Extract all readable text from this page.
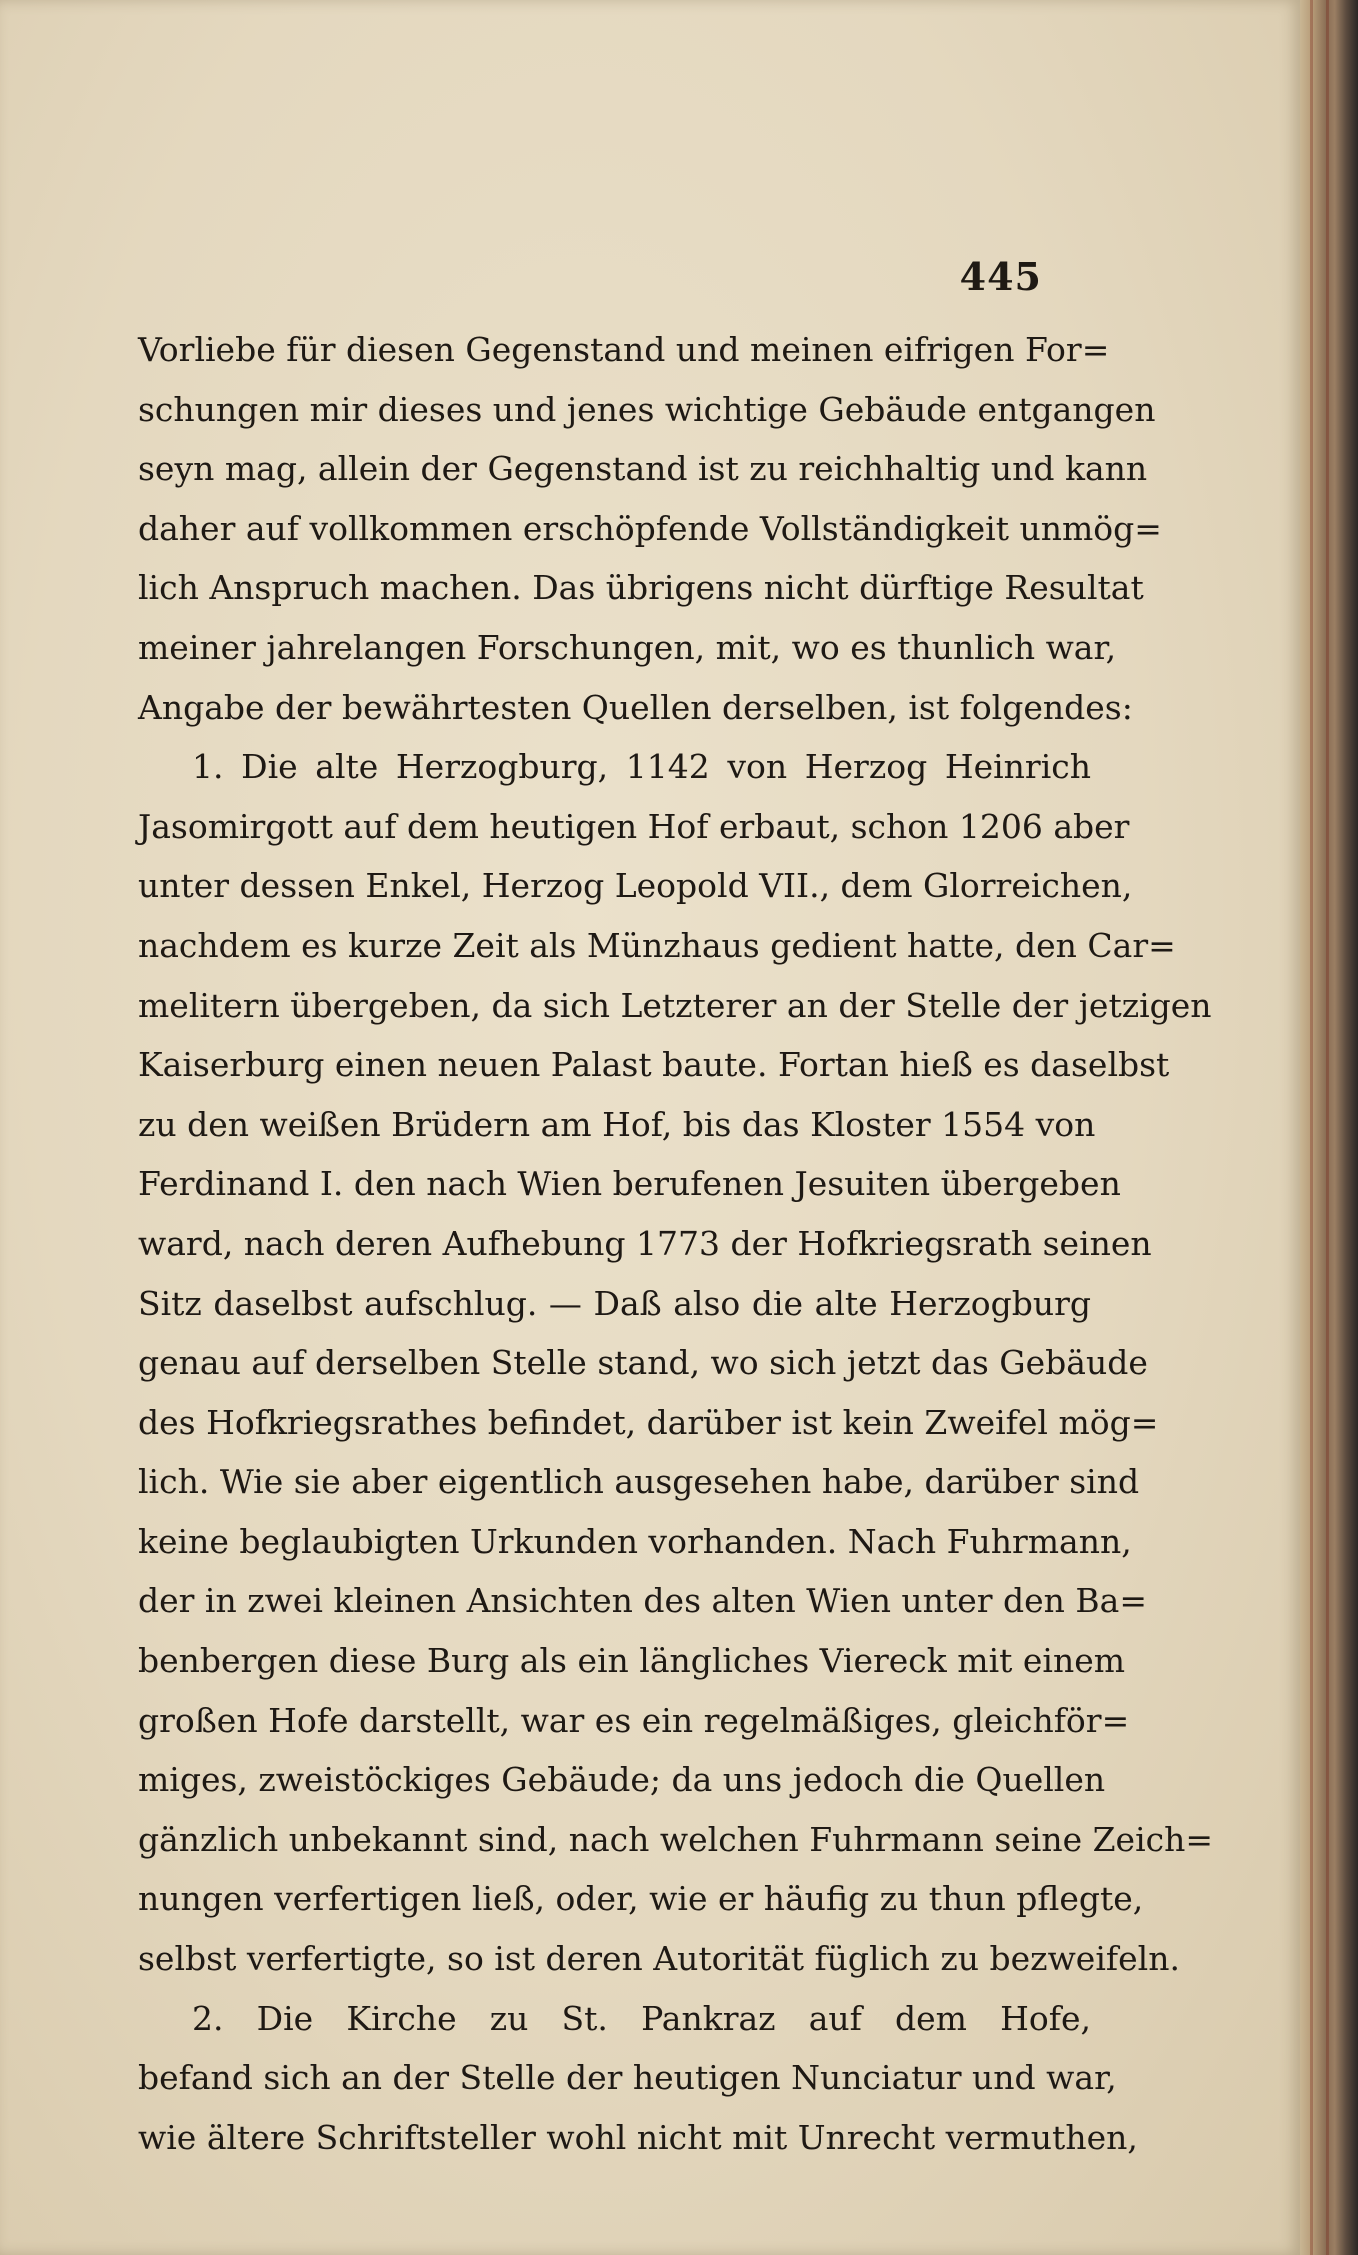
445
Vorliebe für diesen Gegenstand und meinen eifrigen For=
schungen mir dieses und jenes wichtige Gebäude entgangen
seyn mag, allein der Gegenstand ist zu reichhaltig und kann
daher auf vollkommen erschöpfende Vollständigkeit unmög=
lich Anspruch machen. Das übrigens nicht dürftige Resultat
meiner jahrelangen Forschungen, mit, wo es thunlich war,
Angabe der bewährtesten Quellen derselben, ist folgendes:
1. Die alte Herzogburg, 1142 von Herzog Heinrich
Jasomirgott auf dem heutigen Hof erbaut, schon 1206 aber
unter dessen Enkel, Herzog Leopold VII., dem Glorreichen,
nachdem es kurze Zeit als Münzhaus gedient hatte, den Car=
melitern übergeben, da sich Letzterer an der Stelle der jetzigen
Kaiserburg einen neuen Palast baute. Fortan hieß es daselbst
zu den weißen Brüdern am Hof, bis das Kloster 1554 von
Ferdinand I. den nach Wien berufenen Jesuiten übergeben
ward, nach deren Aufhebung 1773 der Hofkriegsrath seinen
Sitz daselbst aufschlug. — Daß also die alte Herzogburg
genau auf derselben Stelle stand, wo sich jetzt das Gebäude
des Hofkriegsrathes befindet, darüber ist kein Zweifel mög=
lich. Wie sie aber eigentlich ausgesehen habe, darüber sind
keine beglaubigten Urkunden vorhanden. Nach Fuhrmann,
der in zwei kleinen Ansichten des alten Wien unter den Ba=
benbergen diese Burg als ein längliches Viereck mit einem
großen Hofe darstellt, war es ein regelmäßiges, gleichför=
miges, zweistöckiges Gebäude; da uns jedoch die Quellen
gänzlich unbekannt sind, nach welchen Fuhrmann seine Zeich=
nungen verfertigen ließ, oder, wie er häufig zu thun pflegte,
selbst verfertigte, so ist deren Autorität füglich zu bezweifeln.
2. Die Kirche zu St. Pankraz auf dem Hofe,
befand sich an der Stelle der heutigen Nunciatur und war,
wie ältere Schriftsteller wohl nicht mit Unrecht vermuthen,
